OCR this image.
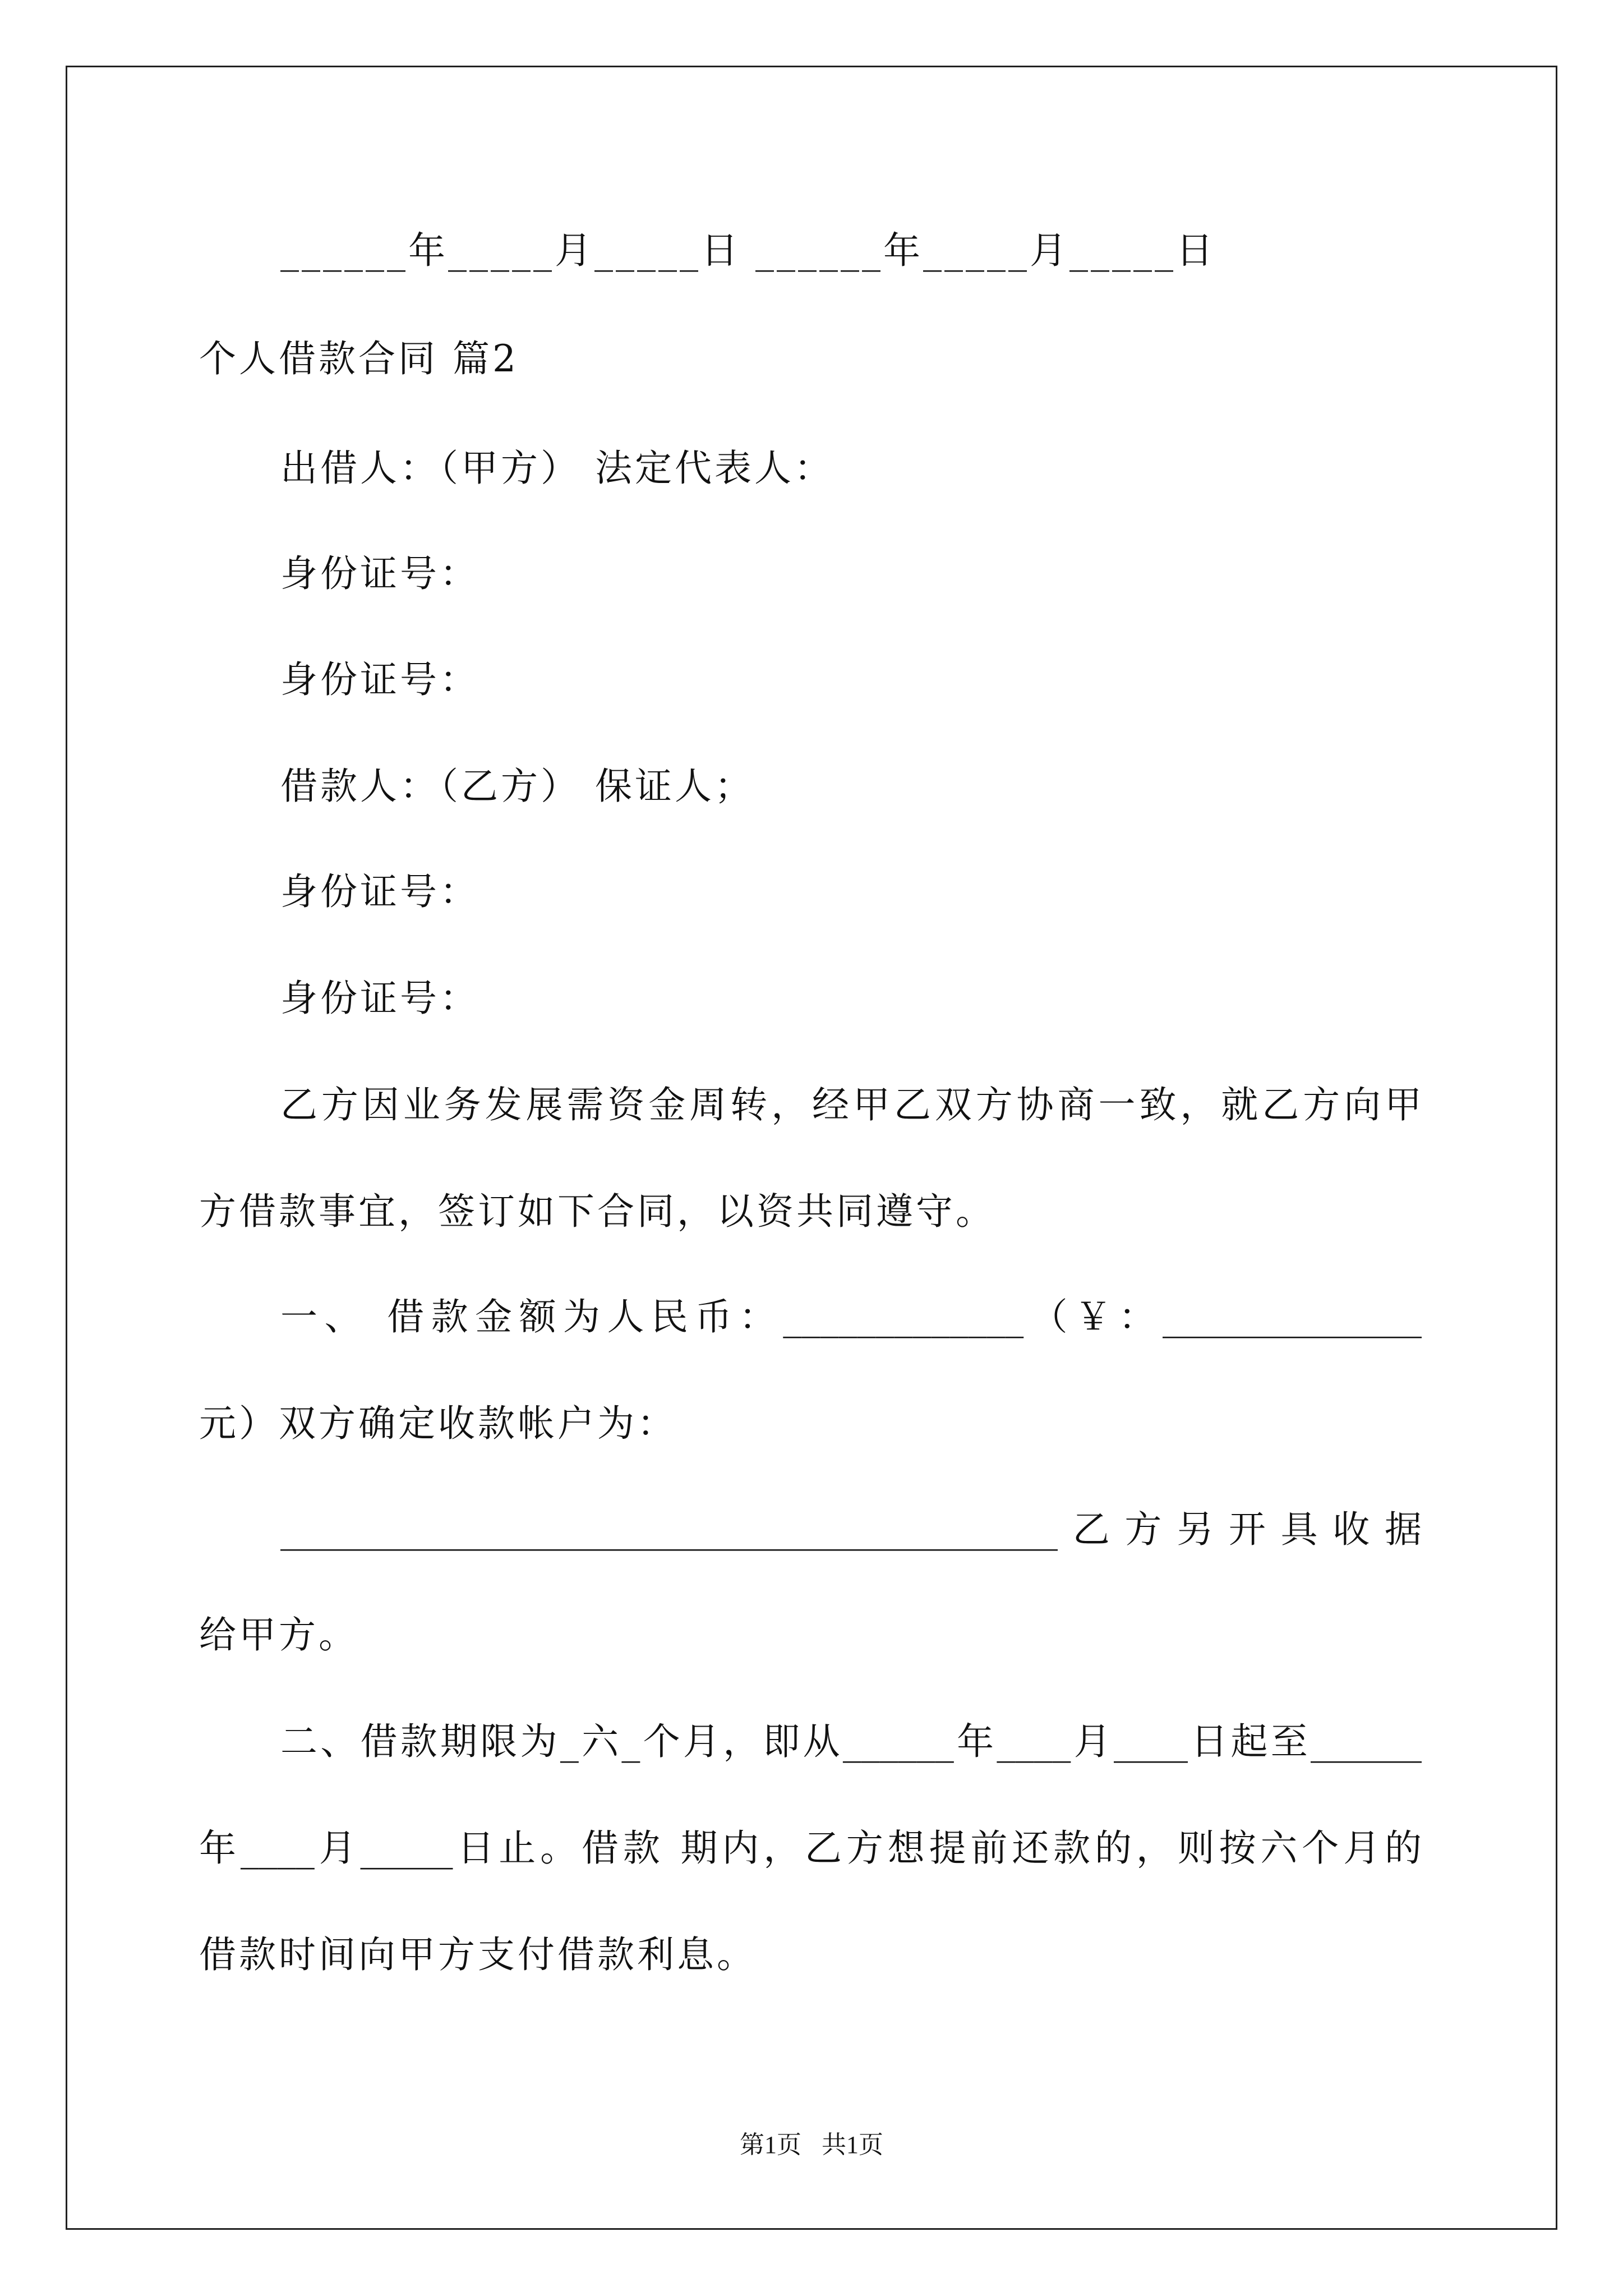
______年_____月_____日 ______年_____月_____日
个人借款合同 篇2
出借人：（甲方） 法定代表人：
身份证号：
身份证号：
借款人：（乙方） 保证人；
身份证号：
身份证号：
乙方因业务发展需资金周转，经甲乙双方协商一致，就乙方向甲
方借款事宜，签订如下合同，以资共同遵守。
一、 借款金额为人民币：_____________（￥：______________
元）双方确定收款帐户为：
__________________________________________乙方另开具收据
给甲方。
二、借款期限为_六_个月，即从______年____月____日起至______
年____月_____日止。借款 期内，乙方想提前还款的，则按六个月的
借款时间向甲方支付借款利息。
第1页 共1页
